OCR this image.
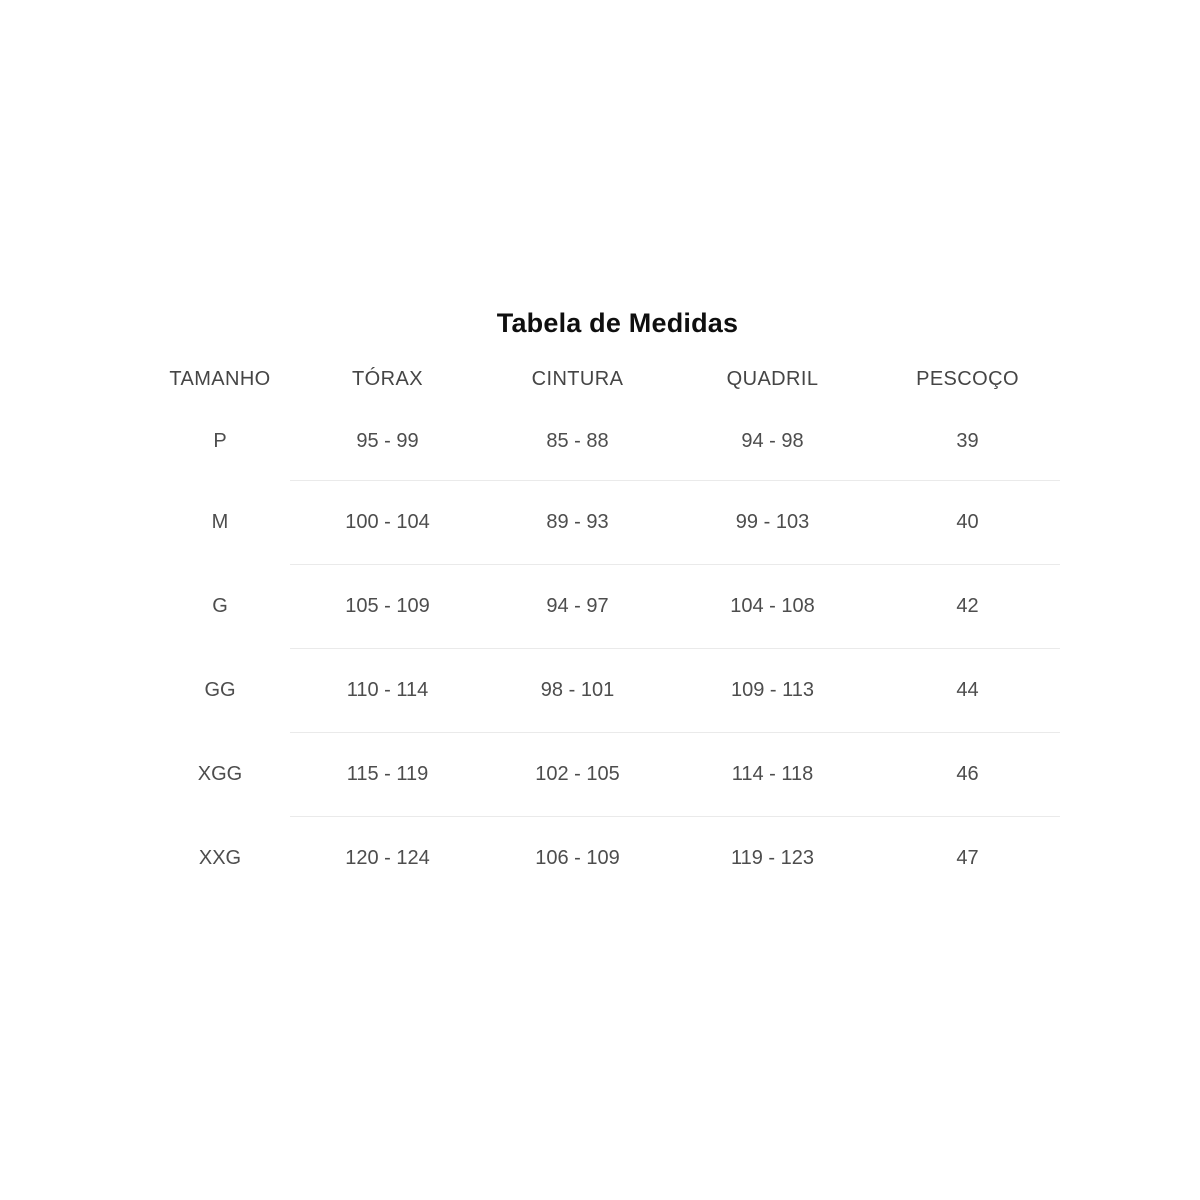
Tabela de Medidas
TAMANHO	TÓRAX	CINTURA	QUADRIL	PESCOÇO
P	95 - 99	85 - 88	94 - 98	39
M	100 - 104	89 - 93	99 - 103	40
G	105 - 109	94 - 97	104 - 108	42
GG	110 - 114	98 - 101	109 - 113	44
XGG	115 - 119	102 - 105	114 - 118	46
XXG	120 - 124	106 - 109	119 - 123	47
